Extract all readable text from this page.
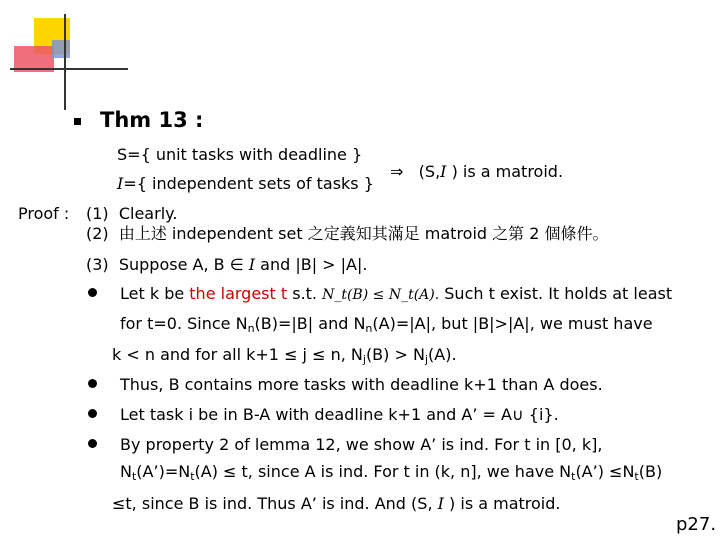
Thm 13 :
S={ unit tasks with deadline }
I={ independent sets of tasks }
⇒ (S,I ) is a matroid.
Proof : (1) Clearly.
(2) 由上述 independent set 之定義知其滿足 matroid 之第 2 個條件。
(3) Suppose A, B ∈ I and |B| > |A|.
Let k be the largest t s.t. N_t(B) ≤ N_t(A). Such t exist. It holds at least
for t=0. Since $N_n(B)=|B|$ and $N_n(A)=|A|$, but |B|>|A|, we must have
k < n and for all k+1 ≤ j ≤ n, $N_j(B) > N_j(A)$.
Thus, B contains more tasks with deadline k+1 than A does.
Let task i be in B-A with deadline k+1 and A’ = A∪ {i}.
By property 2 of lemma 12, we show A’ is ind. For t in [0, k],
$N_t(A’)=N_t(A) \le t$, since A is ind. For t in (k, n], we have $N_t(A’) \le N_t(B)$
≤t, since B is ind. Thus A’ is ind. And (S, I ) is a matroid.
p27.
